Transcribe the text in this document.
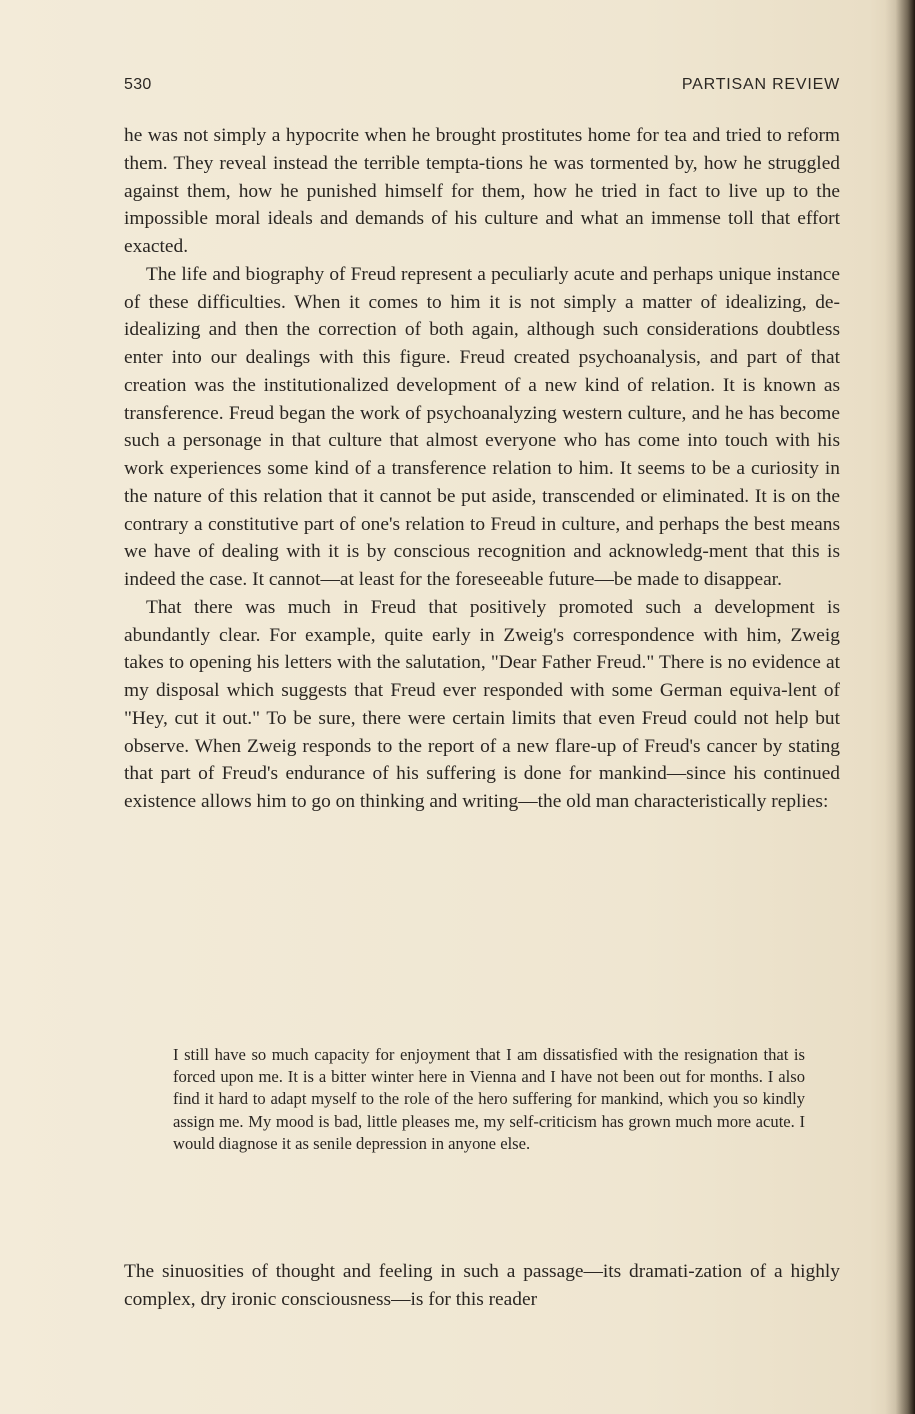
530	PARTISAN REVIEW

he was not simply a hypocrite when he brought prostitutes home for tea and tried to reform them. They reveal instead the terrible tempta-tions he was tormented by, how he struggled against them, how he punished himself for them, how he tried in fact to live up to the impossible moral ideals and demands of his culture and what an immense toll that effort exacted.

The life and biography of Freud represent a peculiarly acute and perhaps unique instance of these difficulties. When it comes to him it is not simply a matter of idealizing, de-idealizing and then the correction of both again, although such considerations doubtless enter into our dealings with this figure. Freud created psychoanalysis, and part of that creation was the institutionalized development of a new kind of relation. It is known as transference. Freud began the work of psychoanalyzing western culture, and he has become such a personage in that culture that almost everyone who has come into touch with his work experiences some kind of a transference relation to him. It seems to be a curiosity in the nature of this relation that it cannot be put aside, transcended or eliminated. It is on the contrary a constitutive part of one's relation to Freud in culture, and perhaps the best means we have of dealing with it is by conscious recognition and acknowledg-ment that this is indeed the case. It cannot—at least for the foreseeable future—be made to disappear.

That there was much in Freud that positively promoted such a development is abundantly clear. For example, quite early in Zweig's correspondence with him, Zweig takes to opening his letters with the salutation, "Dear Father Freud." There is no evidence at my disposal which suggests that Freud ever responded with some German equiva-lent of "Hey, cut it out." To be sure, there were certain limits that even Freud could not help but observe. When Zweig responds to the report of a new flare-up of Freud's cancer by stating that part of Freud's endurance of his suffering is done for mankind—since his continued existence allows him to go on thinking and writing—the old man characteristically replies:

I still have so much capacity for enjoyment that I am dissatisfied with the resignation that is forced upon me. It is a bitter winter here in Vienna and I have not been out for months. I also find it hard to adapt myself to the role of the hero suffering for mankind, which you so kindly assign me. My mood is bad, little pleases me, my self-criticism has grown much more acute. I would diagnose it as senile depression in anyone else.

The sinuosities of thought and feeling in such a passage—its dramati-zation of a highly complex, dry ironic consciousness—is for this reader
